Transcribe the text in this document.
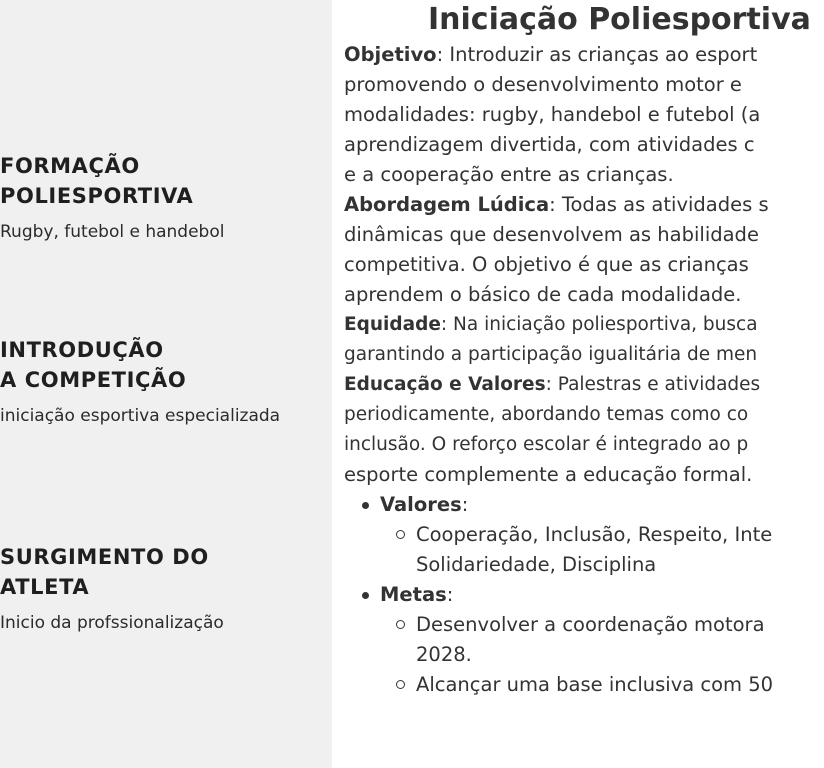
FORMAÇÃO
POLIESPORTIVA
Rugby, futebol e handebol
INTRODUÇÃO
A COMPETIÇÃO
iniciação esportiva especializada
SURGIMENTO DO
ATLETA
Inicio da profssionalização
Iniciação Poliesportiva

Objetivo: Introduzir as crianças ao esport
promovendo o desenvolvimento motor e
modalidades: rugby, handebol e futebol (a
aprendizagem divertida, com atividades c
e a cooperação entre as crianças.

Abordagem Lúdica: Todas as atividades s
dinâmicas que desenvolvem as habilidade
competitiva. O objetivo é que as crianças
aprendem o básico de cada modalidade.

Equidade: Na iniciação poliesportiva, busca
garantindo a participação igualitária de men

Educação e Valores: Palestras e atividades
periodicamente, abordando temas como co
inclusão. O reforço escolar é integrado ao p
esporte complemente a educação formal.

Valores:
Cooperação, Inclusão, Respeito, Inte
Solidariedade, Disciplina
Metas:
Desenvolver a coordenação motora
2028.
Alcançar uma base inclusiva com 50
